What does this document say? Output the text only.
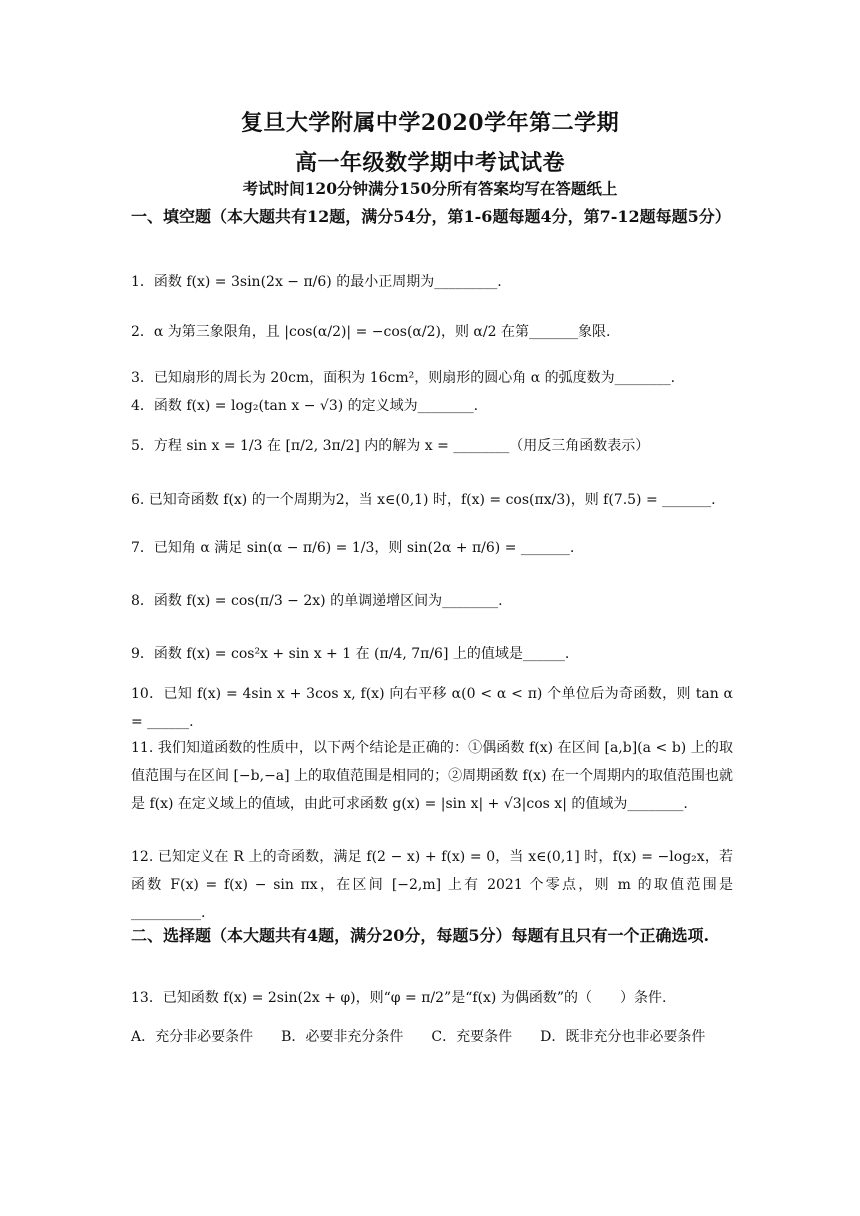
复旦大学附属中学2020学年第二学期
高一年级数学期中考试试卷
考试时间120分钟满分150分所有答案均写在答题纸上
一、填空题（本大题共有12题，满分54分，第1-6题每题4分，第7-12题每题5分）
1．函数 f(x) = 3sin(2x − π/6) 的最小正周期为_________.
2．α 为第三象限角，且 |cos(α/2)| = −cos(α/2)，则 α/2 在第_______象限.
3．已知扇形的周长为 20cm，面积为 16cm²，则扇形的圆心角 α 的弧度数为________.
4．函数 f(x) = log₂(tan x − √3) 的定义域为________.
5．方程 sin x = 1/3 在 [π/2, 3π/2] 内的解为 x = ________（用反三角函数表示）
6. 已知奇函数 f(x) 的一个周期为2，当 x∈(0,1) 时，f(x) = cos(πx/3)，则 f(7.5) = _______.
7．已知角 α 满足 sin(α − π/6) = 1/3，则 sin(2α + π/6) = _______.
8．函数 f(x) = cos(π/3 − 2x) 的单调递增区间为________.
9．函数 f(x) = cos²x + sin x + 1 在 (π/4, 7π/6] 上的值域是______.
10．已知 f(x) = 4sin x + 3cos x, f(x) 向右平移 α(0 < α < π) 个单位后为奇函数，则 tan α = ______.
11. 我们知道函数的性质中，以下两个结论是正确的：①偶函数 f(x) 在区间 [a,b](a < b) 上的取值范围与在区间 [−b,−a] 上的取值范围是相同的；②周期函数 f(x) 在一个周期内的取值范围也就是 f(x) 在定义域上的值域，由此可求函数 g(x) = |sin x| + √3|cos x| 的值域为________.
12. 已知定义在 R 上的奇函数，满足 f(2 − x) + f(x) = 0，当 x∈(0,1] 时，f(x) = −log₂x，若函数 F(x) = f(x) − sin πx，在区间 [−2,m] 上有 2021 个零点，则 m 的取值范围是__________.
二、选择题（本大题共有4题，满分20分，每题5分）每题有且只有一个正确选项.
13．已知函数 f(x) = 2sin(2x + φ)，则“φ = π/2”是“f(x) 为偶函数”的（　　）条件.
A．充分非必要条件　　B．必要非充分条件　　C．充要条件　　D．既非充分也非必要条件
